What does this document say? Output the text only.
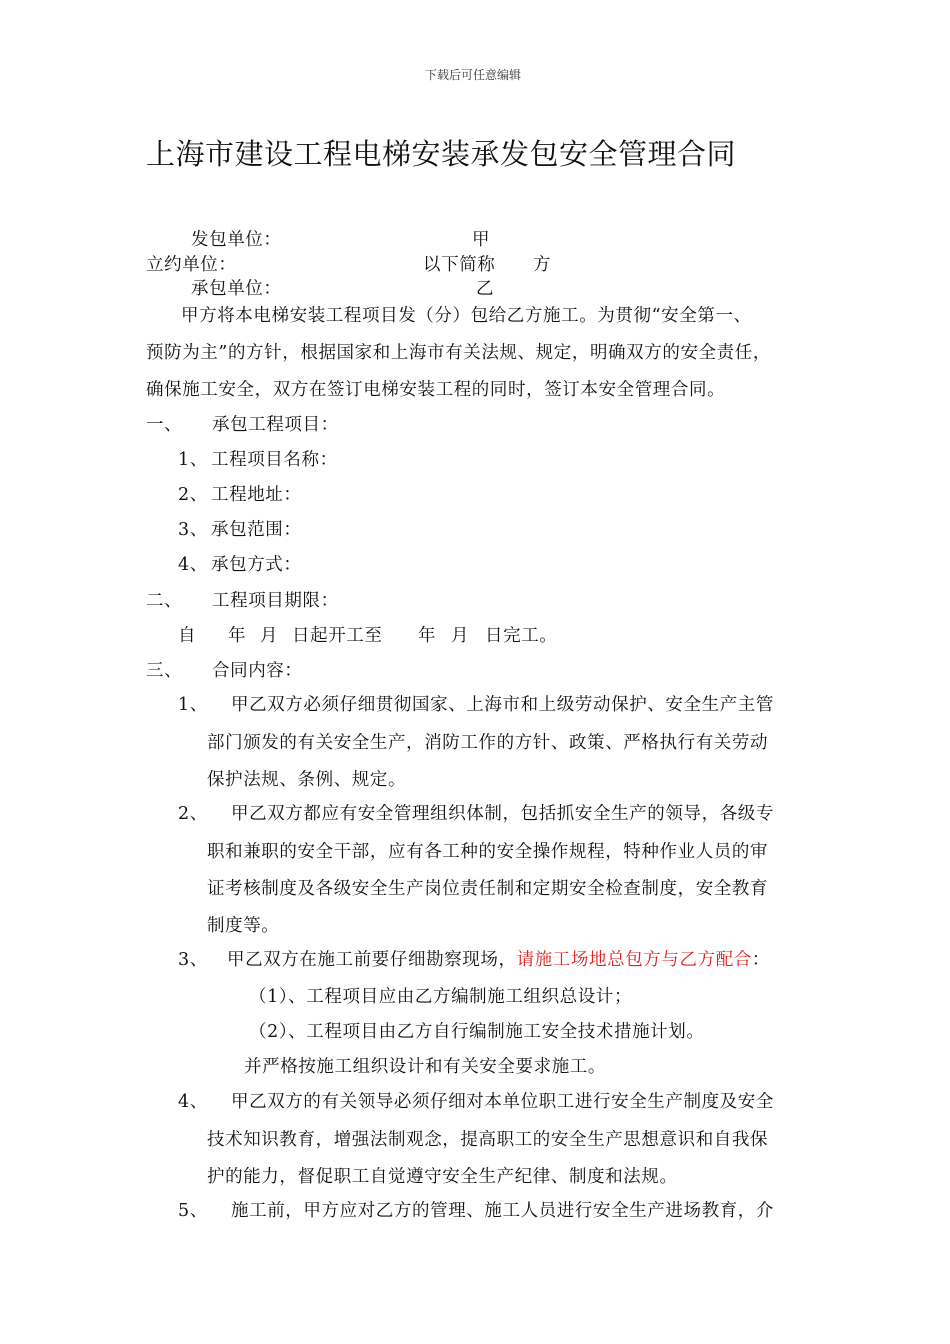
下载后可任意编辑
上海市建设工程电梯安装承发包安全管理合同
发包单位：	甲
立约单位：	以下简称 方
承包单位：	乙
甲方将本电梯安装工程项目发（分）包给乙方施工。为贯彻“安全第一、
预防为主”的方针，根据国家和上海市有关法规、规定，明确双方的安全责任，
确保施工安全，双方在签订电梯安装工程的同时，签订本安全管理合同。
一、 承包工程项目：
1、 工程项目名称：
2、 工程地址：
3、 承包范围：
4、 承包方式：
二、 工程项目期限：
自 年 月 日起开工至 年 月 日完工。
三、 合同内容：
1、 甲乙双方必须仔细贯彻国家、上海市和上级劳动保护、安全生产主管
部门颁发的有关安全生产，消防工作的方针、政策、严格执行有关劳动
保护法规、条例、规定。
2、 甲乙双方都应有安全管理组织体制，包括抓安全生产的领导，各级专
职和兼职的安全干部，应有各工种的安全操作规程，特种作业人员的审
证考核制度及各级安全生产岗位责任制和定期安全检查制度，安全教育
制度等。
3、 甲乙双方在施工前要仔细勘察现场，请施工场地总包方与乙方配合：
（1）、工程项目应由乙方编制施工组织总设计；
（2）、工程项目由乙方自行编制施工安全技术措施计划。
并严格按施工组织设计和有关安全要求施工。
4、 甲乙双方的有关领导必须仔细对本单位职工进行安全生产制度及安全
技术知识教育，增强法制观念，提高职工的安全生产思想意识和自我保
护的能力，督促职工自觉遵守安全生产纪律、制度和法规。
5、 施工前，甲方应对乙方的管理、施工人员进行安全生产进场教育，介
